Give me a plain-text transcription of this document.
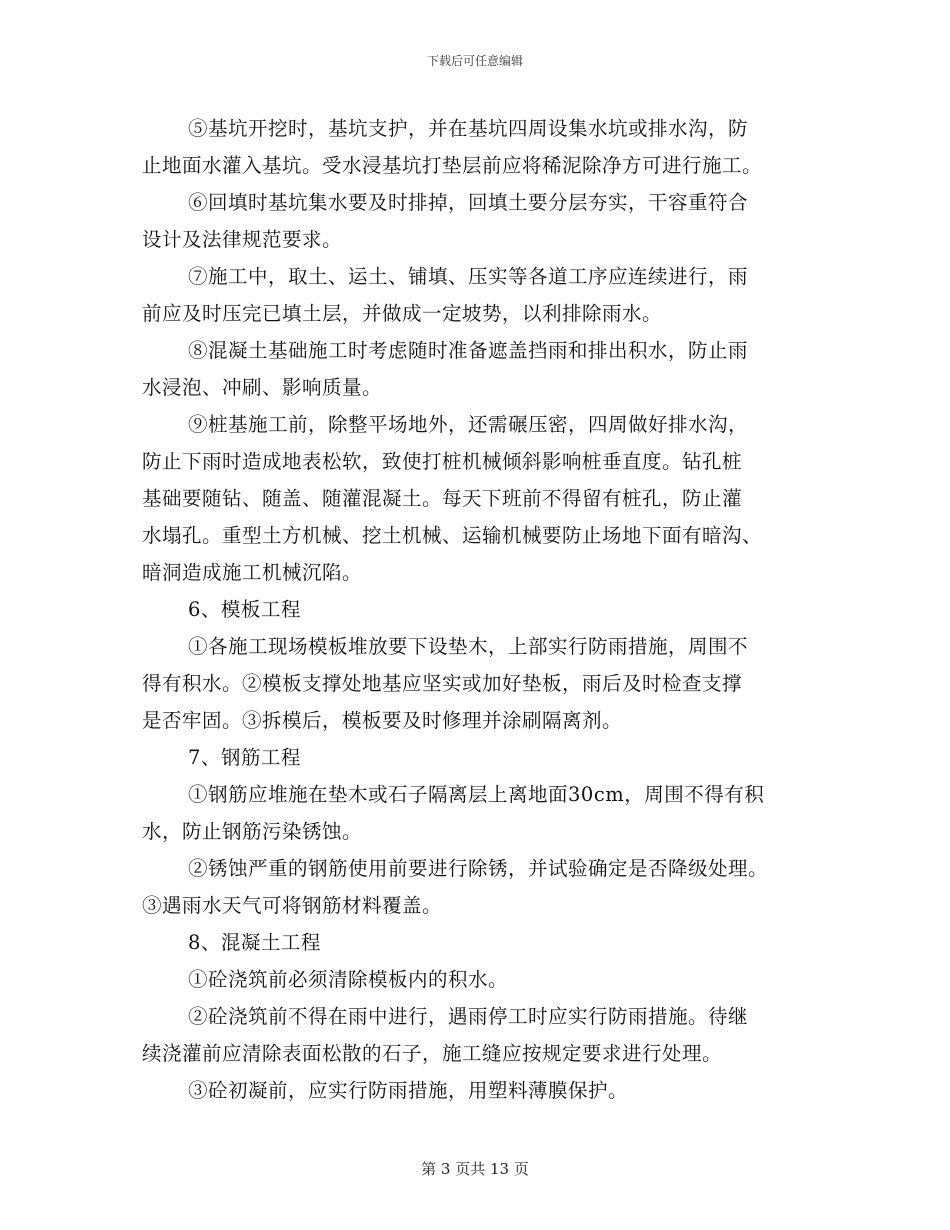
下载后可任意编辑
⑤基坑开挖时，基坑支护，并在基坑四周设集水坑或排水沟，防
止地面水灌入基坑。受水浸基坑打垫层前应将稀泥除净方可进行施工。
⑥回填时基坑集水要及时排掉，回填土要分层夯实，干容重符合
设计及法律规范要求。
⑦施工中，取土、运土、铺填、压实等各道工序应连续进行，雨
前应及时压完已填土层，并做成一定坡势，以利排除雨水。
⑧混凝土基础施工时考虑随时准备遮盖挡雨和排出积水，防止雨
水浸泡、冲刷、影响质量。
⑨桩基施工前，除整平场地外，还需碾压密，四周做好排水沟，
防止下雨时造成地表松软，致使打桩机械倾斜影响桩垂直度。钻孔桩
基础要随钻、随盖、随灌混凝土。每天下班前不得留有桩孔，防止灌
水塌孔。重型土方机械、挖土机械、运输机械要防止场地下面有暗沟、
暗洞造成施工机械沉陷。
6、模板工程
①各施工现场模板堆放要下设垫木，上部实行防雨措施，周围不
得有积水。②模板支撑处地基应坚实或加好垫板，雨后及时检查支撑
是否牢固。③拆模后，模板要及时修理并涂刷隔离剂。
7、钢筋工程
①钢筋应堆施在垫木或石子隔离层上离地面30cm，周围不得有积
水，防止钢筋污染锈蚀。
②锈蚀严重的钢筋使用前要进行除锈，并试验确定是否降级处理。
③遇雨水天气可将钢筋材料覆盖。
8、混凝土工程
①砼浇筑前必须清除模板内的积水。
②砼浇筑前不得在雨中进行，遇雨停工时应实行防雨措施。待继
续浇灌前应清除表面松散的石子，施工缝应按规定要求进行处理。
③砼初凝前，应实行防雨措施，用塑料薄膜保护。
第 3 页共 13 页
